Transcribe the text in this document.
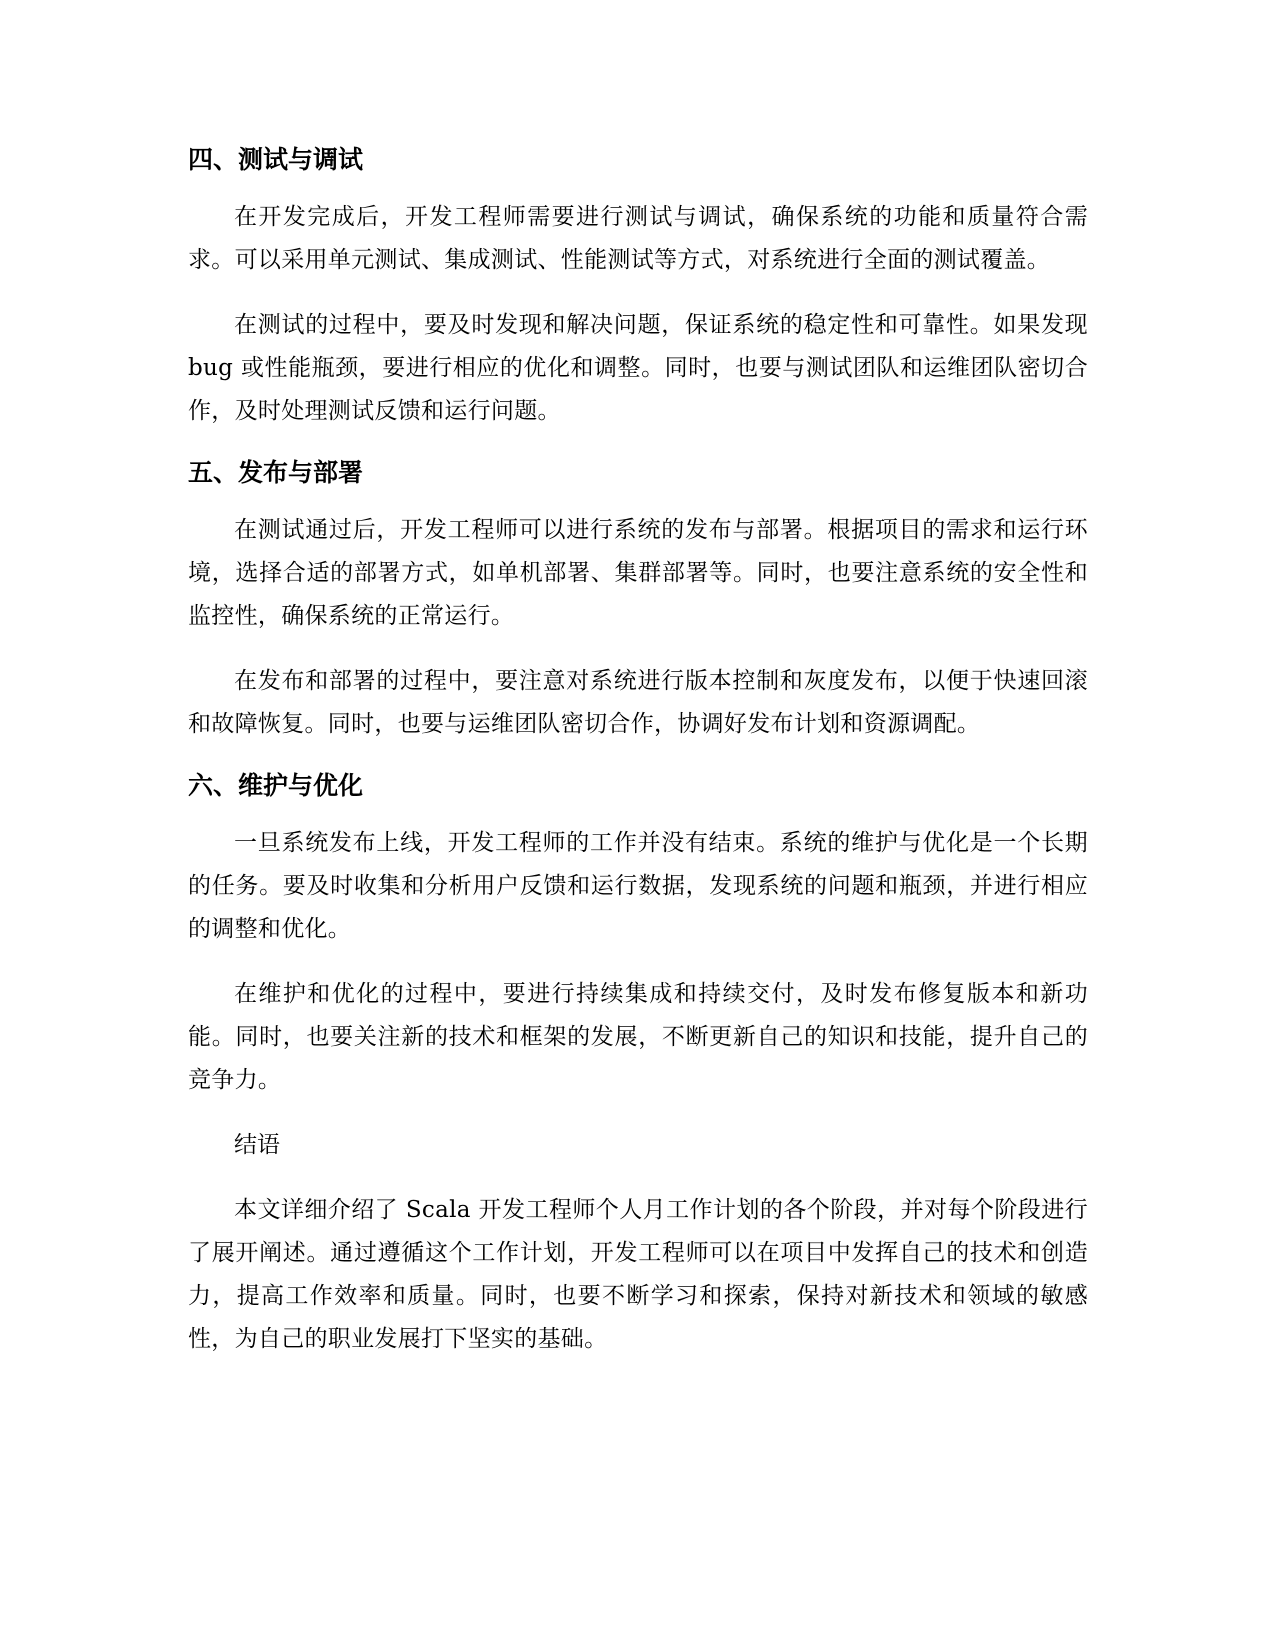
四、测试与调试

在开发完成后，开发工程师需要进行测试与调试，确保系统的功能和质量符合需求。可以采用单元测试、集成测试、性能测试等方式，对系统进行全面的测试覆盖。

在测试的过程中，要及时发现和解决问题，保证系统的稳定性和可靠性。如果发现 bug 或性能瓶颈，要进行相应的优化和调整。同时，也要与测试团队和运维团队密切合作，及时处理测试反馈和运行问题。

五、发布与部署

在测试通过后，开发工程师可以进行系统的发布与部署。根据项目的需求和运行环境，选择合适的部署方式，如单机部署、集群部署等。同时，也要注意系统的安全性和监控性，确保系统的正常运行。

在发布和部署的过程中，要注意对系统进行版本控制和灰度发布，以便于快速回滚和故障恢复。同时，也要与运维团队密切合作，协调好发布计划和资源调配。

六、维护与优化

一旦系统发布上线，开发工程师的工作并没有结束。系统的维护与优化是一个长期的任务。要及时收集和分析用户反馈和运行数据，发现系统的问题和瓶颈，并进行相应的调整和优化。

在维护和优化的过程中，要进行持续集成和持续交付，及时发布修复版本和新功能。同时，也要关注新的技术和框架的发展，不断更新自己的知识和技能，提升自己的竞争力。

结语

本文详细介绍了 Scala 开发工程师个人月工作计划的各个阶段，并对每个阶段进行了展开阐述。通过遵循这个工作计划，开发工程师可以在项目中发挥自己的技术和创造力，提高工作效率和质量。同时，也要不断学习和探索，保持对新技术和领域的敏感性，为自己的职业发展打下坚实的基础。
